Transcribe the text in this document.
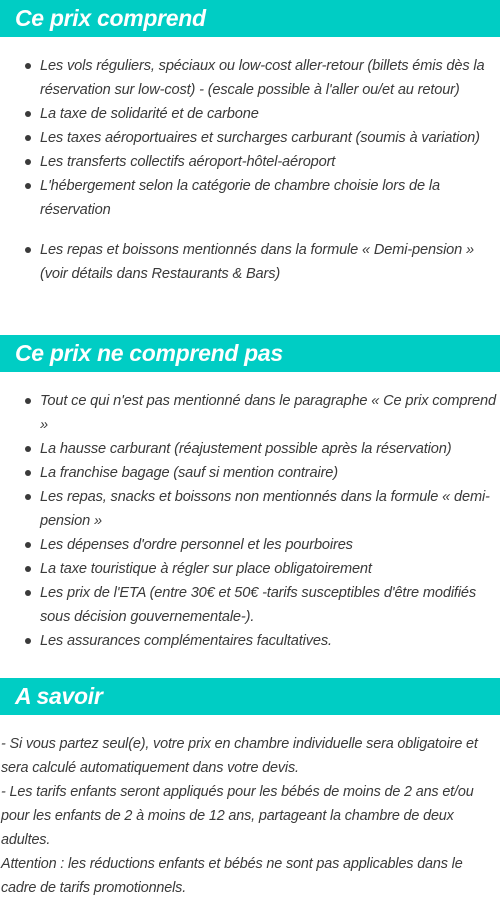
Ce prix comprend
Les vols réguliers, spéciaux ou low-cost aller-retour (billets émis dès la réservation sur low-cost) - (escale possible à l'aller ou/et au retour)
La taxe de solidarité et de carbone
Les taxes aéroportuaires et surcharges carburant (soumis à variation)
Les transferts collectifs aéroport-hôtel-aéroport
L'hébergement selon la catégorie de chambre choisie lors de la réservation
Les repas et boissons mentionnés dans la formule « Demi-pension » (voir détails dans Restaurants & Bars)
Ce prix ne comprend pas
Tout ce qui n'est pas mentionné dans le paragraphe « Ce prix comprend »
La hausse carburant (réajustement possible après la réservation)
La franchise bagage (sauf si mention contraire)
Les repas, snacks et boissons non mentionnés dans la formule « demi-pension »
Les dépenses d'ordre personnel et les pourboires
La taxe touristique à régler sur place obligatoirement
Les prix de l'ETA (entre 30€ et 50€ -tarifs susceptibles d'être modifiés sous décision gouvernementale-).
Les assurances complémentaires facultatives.
A savoir

- Si vous partez seul(e), votre prix en chambre individuelle sera obligatoire et sera calculé automatiquement dans votre devis.

- Les tarifs enfants seront appliqués pour les bébés de moins de 2 ans et/ou pour les enfants de 2 à moins de 12 ans, partageant la chambre de deux adultes.

Attention : les réductions enfants et bébés ne sont pas applicables dans le cadre de tarifs promotionnels.
